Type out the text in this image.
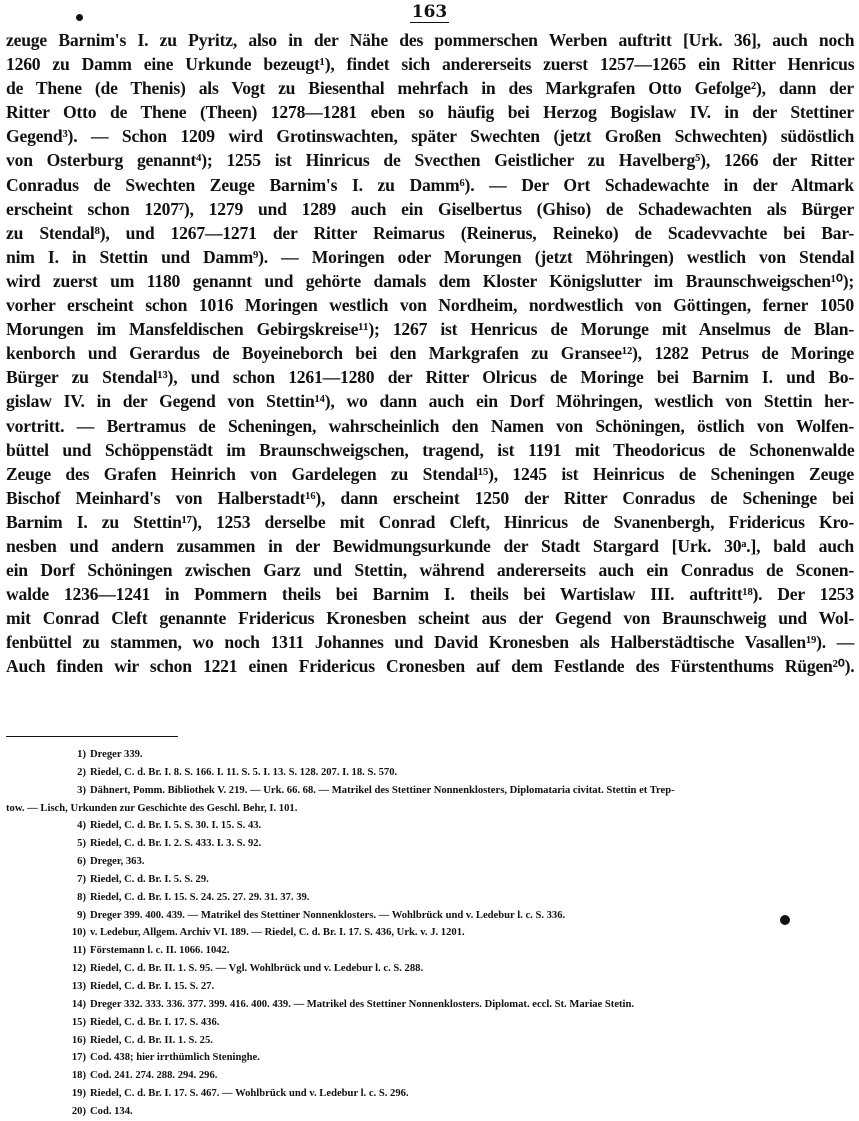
163
zeuge Barnim's I. zu Pyritz, also in der Nähe des pommerschen Werben auftritt [Urk. 36], auch noch
1260 zu Damm eine Urkunde bezeugt¹), findet sich andererseits zuerst 1257—1265 ein Ritter Henricus
de Thene (de Thenis) als Vogt zu Biesenthal mehrfach in des Markgrafen Otto Gefolge²), dann der
Ritter Otto de Thene (Theen) 1278—1281 eben so häufig bei Herzog Bogislaw IV. in der Stettiner
Gegend³). — Schon 1209 wird Grotinswachten, später Swechten (jetzt Großen Schwechten) südöstlich
von Osterburg genannt⁴); 1255 ist Hinricus de Svecthen Geistlicher zu Havelberg⁵), 1266 der Ritter
Conradus de Swechten Zeuge Barnim's I. zu Damm⁶). — Der Ort Schadewachte in der Altmark
erscheint schon 1207⁷), 1279 und 1289 auch ein Giselbertus (Ghiso) de Schadewachten als Bürger
zu Stendal⁸), und 1267—1271 der Ritter Reimarus (Reinerus, Reineko) de Scadevvachte bei Bar-
nim I. in Stettin und Damm⁹). — Moringen oder Morungen (jetzt Möhringen) westlich von Stendal
wird zuerst um 1180 genannt und gehörte damals dem Kloster Königslutter im Braunschweigschen¹⁰);
vorher erscheint schon 1016 Moringen westlich von Nordheim, nordwestlich von Göttingen, ferner 1050
Morungen im Mansfeldischen Gebirgskreise¹¹); 1267 ist Henricus de Morunge mit Anselmus de Blan-
kenborch und Gerardus de Boyeineborch bei den Markgrafen zu Gransee¹²), 1282 Petrus de Moringe
Bürger zu Stendal¹³), und schon 1261—1280 der Ritter Olricus de Moringe bei Barnim I. und Bo-
gislaw IV. in der Gegend von Stettin¹⁴), wo dann auch ein Dorf Möhringen, westlich von Stettin her-
vortritt. — Bertramus de Scheningen, wahrscheinlich den Namen von Schöningen, östlich von Wolfen-
büttel und Schöppenstädt im Braunschweigschen, tragend, ist 1191 mit Theodoricus de Schonenwalde
Zeuge des Grafen Heinrich von Gardelegen zu Stendal¹⁵), 1245 ist Heinricus de Scheningen Zeuge
Bischof Meinhard's von Halberstadt¹⁶), dann erscheint 1250 der Ritter Conradus de Scheninge bei
Barnim I. zu Stettin¹⁷), 1253 derselbe mit Conrad Cleft, Hinricus de Svanenbergh, Fridericus Kro-
nesben und andern zusammen in der Bewidmungsurkunde der Stadt Stargard [Urk. 30ᵃ.], bald auch
ein Dorf Schöningen zwischen Garz und Stettin, während andererseits auch ein Conradus de Sconen-
walde 1236—1241 in Pommern theils bei Barnim I. theils bei Wartislaw III. auftritt¹⁸). Der 1253
mit Conrad Cleft genannte Fridericus Kronesben scheint aus der Gegend von Braunschweig und Wol-
fenbüttel zu stammen, wo noch 1311 Johannes und David Kronesben als Halberstädtische Vasallen¹⁹). —
Auch finden wir schon 1221 einen Fridericus Cronesben auf dem Festlande des Fürstenthums Rügen²⁰).
1) Dreger 339.
2) Riedel, C. d. Br. I. 8. S. 166. I. 11. S. 5. I. 13. S. 128. 207. I. 18. S. 570.
3) Dähnert, Pomm. Bibliothek V. 219. — Urk. 66. 68. — Matrikel des Stettiner Nonnenklosters, Diplomataria civitat. Stettin et Trep-
tow. — Lisch, Urkunden zur Geschichte des Geschl. Behr, I. 101.
4) Riedel, C. d. Br. I. 5. S. 30. I. 15. S. 43.
5) Riedel, C. d. Br. I. 2. S. 433. I. 3. S. 92.
6) Dreger, 363.
7) Riedel, C. d. Br. I. 5. S. 29.
8) Riedel, C. d. Br. I. 15. S. 24. 25. 27. 29. 31. 37. 39.
9) Dreger 399. 400. 439. — Matrikel des Stettiner Nonnenklosters. — Wohlbrück und v. Ledebur l. c. S. 336.
10) v. Ledebur, Allgem. Archiv VI. 189. — Riedel, C. d. Br. I. 17. S. 436, Urk. v. J. 1201.
11) Förstemann l. c. II. 1066. 1042.
12) Riedel, C. d. Br. II. 1. S. 95. — Vgl. Wohlbrück und v. Ledebur l. c. S. 288.
13) Riedel, C. d. Br. I. 15. S. 27.
14) Dreger 332. 333. 336. 377. 399. 416. 400. 439. — Matrikel des Stettiner Nonnenklosters. Diplomat. eccl. St. Mariae Stetin.
15) Riedel, C. d. Br. I. 17. S. 436.
16) Riedel, C. d. Br. II. 1. S. 25.
17) Cod. 438; hier irrthümlich Steninghe.
18) Cod. 241. 274. 288. 294. 296.
19) Riedel, C. d. Br. I. 17. S. 467. — Wohlbrück und v. Ledebur l. c. S. 296.
20) Cod. 134.
